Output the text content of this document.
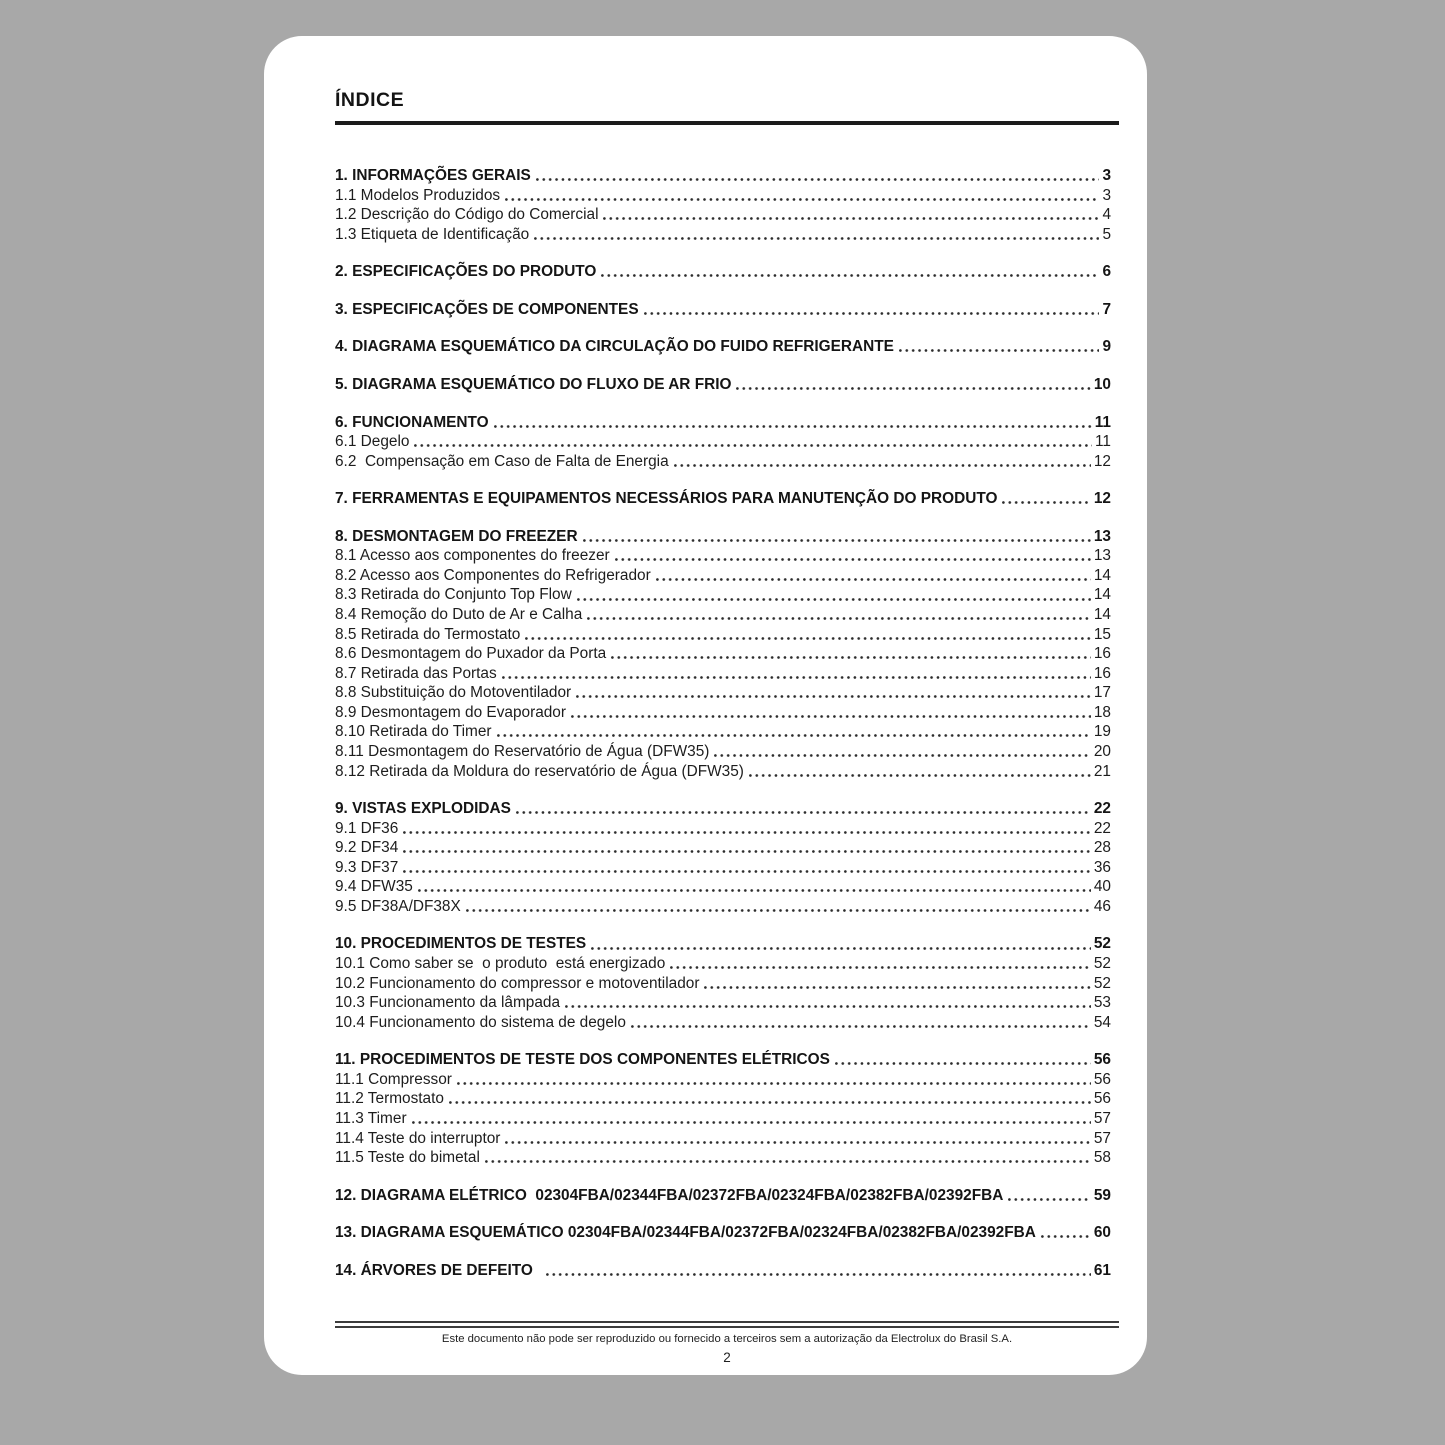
ÍNDICE
1. INFORMAÇÕES GERAIS	3
1.1 Modelos Produzidos	3
1.2 Descrição do Código do Comercial	4
1.3 Etiqueta de Identificação	5
2. ESPECIFICAÇÕES DO PRODUTO	6
3. ESPECIFICAÇÕES DE COMPONENTES	7
4. DIAGRAMA ESQUEMÁTICO DA CIRCULAÇÃO DO FUIDO REFRIGERANTE	9
5. DIAGRAMA ESQUEMÁTICO DO FLUXO DE AR FRIO	10
6. FUNCIONAMENTO	11
6.1 Degelo	11
6.2  Compensação em Caso de Falta de Energia	12
7. FERRAMENTAS E EQUIPAMENTOS NECESSÁRIOS PARA MANUTENÇÃO DO PRODUTO	12
8. DESMONTAGEM DO FREEZER	13
8.1 Acesso aos componentes do freezer	13
8.2 Acesso aos Componentes do Refrigerador	14
8.3 Retirada do Conjunto Top Flow	14
8.4 Remoção do Duto de Ar e Calha	14
8.5 Retirada do Termostato	15
8.6 Desmontagem do Puxador da Porta	16
8.7 Retirada das Portas	16
8.8 Substituição do Motoventilador	17
8.9 Desmontagem do Evaporador	18
8.10 Retirada do Timer	19
8.11 Desmontagem do Reservatório de Água (DFW35)	20
8.12 Retirada da Moldura do reservatório de Água (DFW35)	21
9. VISTAS EXPLODIDAS	22
9.1 DF36	22
9.2 DF34	28
9.3 DF37	36
9.4 DFW35	40
9.5 DF38A/DF38X	46
10. PROCEDIMENTOS DE TESTES	52
10.1 Como saber se  o produto  está energizado	52
10.2 Funcionamento do compressor e motoventilador	52
10.3 Funcionamento da lâmpada	53
10.4 Funcionamento do sistema de degelo	54
11. PROCEDIMENTOS DE TESTE DOS COMPONENTES ELÉTRICOS	56
11.1 Compressor	56
11.2 Termostato	56
11.3 Timer	57
11.4 Teste do interruptor	57
11.5 Teste do bimetal	58
12. DIAGRAMA ELÉTRICO  02304FBA/02344FBA/02372FBA/02324FBA/02382FBA/02392FBA	59
13. DIAGRAMA ESQUEMÁTICO 02304FBA/02344FBA/02372FBA/02324FBA/02382FBA/02392FBA	60
14. ÁRVORES DE DEFEITO	61
Este documento não pode ser reproduzido ou fornecido a terceiros sem a autorização da Electrolux do Brasil S.A.
2
